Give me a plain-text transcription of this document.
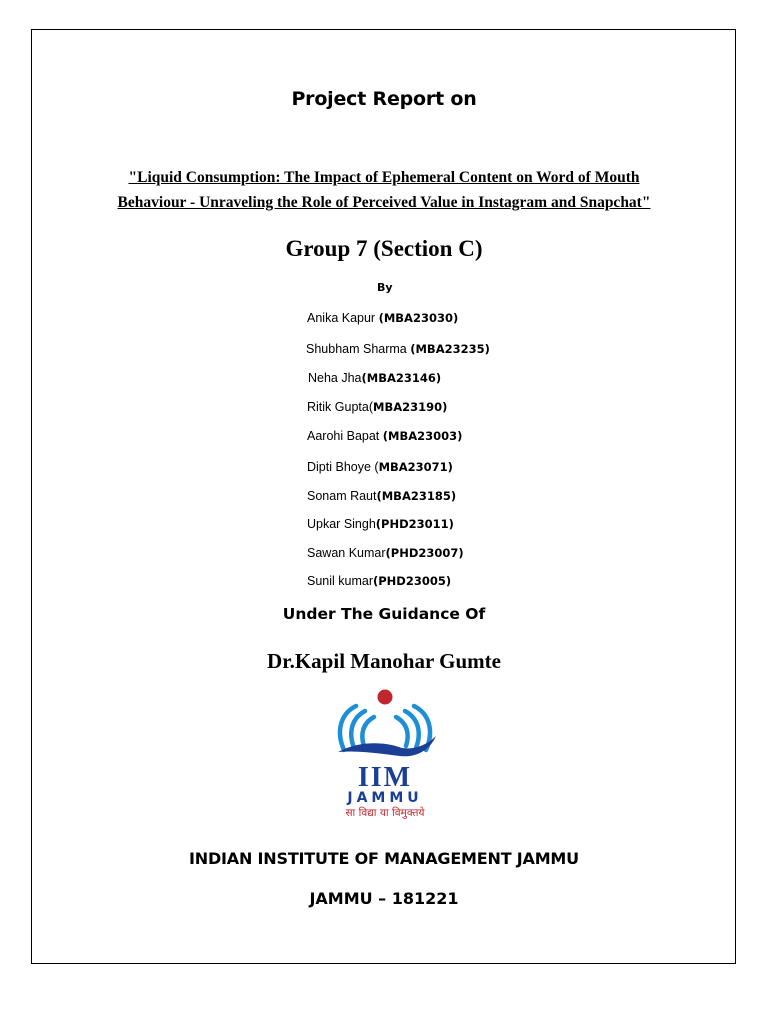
Project Report on
"Liquid Consumption: The Impact of Ephemeral Content on Word of Mouth
Behaviour - Unraveling the Role of Perceived Value in Instagram and Snapchat"
Group 7 (Section C)
By
Anika Kapur (MBA23030)
Shubham Sharma (MBA23235)
Neha Jha(MBA23146)
Ritik Gupta(MBA23190)
Aarohi Bapat (MBA23003)
Dipti Bhoye (MBA23071)
Sonam Raut(MBA23185)
Upkar Singh(PHD23011)
Sawan Kumar(PHD23007)
Sunil kumar(PHD23005)
Under The Guidance Of
Dr.Kapil Manohar Gumte
IIM
JAMMU
सा विद्या या विमुक्तये
INDIAN INSTITUTE OF MANAGEMENT JAMMU
JAMMU – 181221
